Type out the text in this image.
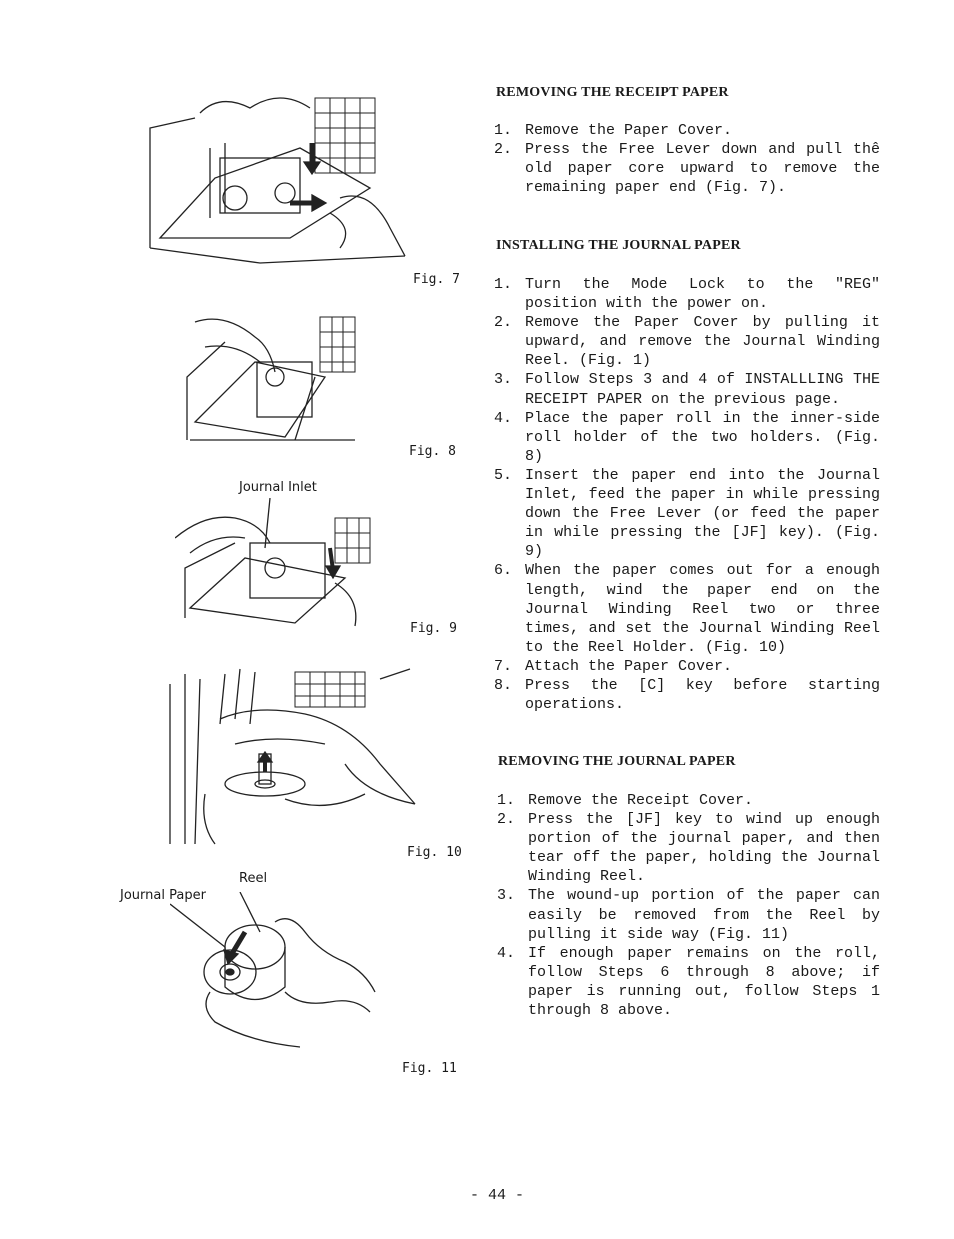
Fig. 7
Fig. 8
Journal Inlet
Fig. 9
Fig. 10
Reel
Journal Paper
Fig. 11
REMOVING THE RECEIPT PAPER
1. Remove the Paper Cover.
2. Press the Free Lever down and pull thê old paper core upward to remove the remaining paper end (Fig. 7).
INSTALLING THE JOURNAL PAPER
1. Turn the Mode Lock to the "REG" position with the power on.
2. Remove the Paper Cover by pulling it upward, and remove the Journal Winding Reel. (Fig. 1)
3. Follow Steps 3 and 4 of INSTALLLING THE RECEIPT PAPER on the previous page.
4. Place the paper roll in the inner-side roll holder of the two holders. (Fig. 8)
5. Insert the paper end into the Journal Inlet, feed the paper in while pressing down the Free Lever (or feed the paper in while pressing the [JF] key). (Fig. 9)
6. When the paper comes out for a enough length, wind the paper end on the Journal Winding Reel two or three times, and set the Journal Winding Reel to the Reel Holder. (Fig. 10)
7. Attach the Paper Cover.
8. Press the [C] key before starting operations.
REMOVING THE JOURNAL PAPER
1. Remove the Receipt Cover.
2. Press the [JF] key to wind up enough portion of the journal paper, and then tear off the paper, holding the Journal Winding Reel.
3. The wound-up portion of the paper can easily be removed from the Reel by pulling it side way (Fig. 11)
4. If enough paper remains on the roll, follow Steps 6 through 8 above; if paper is running out, follow Steps 1 through 8 above.
- 44 -
